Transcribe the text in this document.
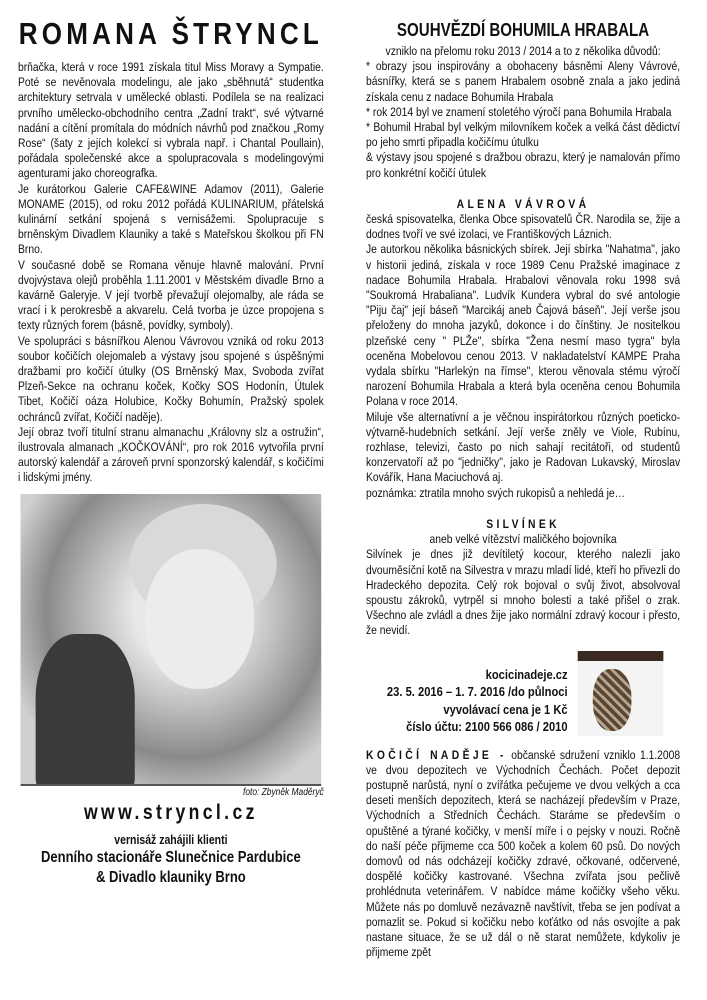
ROMANA ŠTRYNCL

brňačka, která v roce 1991 získala titul Miss Moravy a Sympatie. Poté se nevěnovala modelingu, ale jako „sběhnutá“ studentka architektury setrvala v umělecké oblasti. Podílela se na realizaci prvního umělecko-obchodního centra „Zadní trakt“, své výtvarné nadání a cítění promítala do módních návrhů pod značkou „Romy Rose“ (šaty z jejích kolekcí si vybrala např. i Chantal Poullain), pořádala společenské akce a spolupracovala s modelingovými agenturami jako choreografka.

Je kurátorkou Galerie CAFE&WINE Adamov (2011), Galerie MONAME (2015), od roku 2012 pořádá KULINARIUM, přátelská kulinární setkání spojená s vernisážemi. Spolupracuje s brněnským Divadlem Klauniky a také s Mateřskou školkou při FN Brno.

V současné době se Romana věnuje hlavně malování. První dvojvýstava olejů proběhla 1.11.2001 v Městském divadle Brno a kavárně Galeryje. V její tvorbě převažují olejomalby, ale ráda se vrací i k perokresbě a akvarelu. Celá tvorba je úzce propojena s texty různých forem (básně, povídky, symboly).

Ve spolupráci s básnířkou Alenou Vávrovou vzniká od roku 2013 soubor kočičích olejomaleb a výstavy jsou spojené s úspěšnými dražbami pro kočičí útulky (OS Brněnský Max, Svoboda zvířat Plzeň-Sekce na ochranu koček, Kočky SOS Hodonín, Útulek Tibet, Kočičí oáza Holubice, Kočky Bohumín, Pražský spolek ochránců zvířat, Kočičí naděje).

Její obraz tvoří titulní stranu almanachu „Královny slz a ostružin“, ilustrovala almanach „KOČKOVÁNÍ“, pro rok 2016 vytvořila první autorský kalendář a zároveň první sponzorský kalendář, s kočičími i lidskými jmény.

foto: Zbyněk Maděryč
www.stryncl.cz
vernisáž zahájili klienti
Denního stacionáře Slunečnice Pardubice
& Divadlo klauniky Brno
SOUHVĚZDÍ BOHUMILA HRABALA

vzniklo na přelomu roku 2013 / 2014 a to z několika důvodů:

* obrazy jsou inspirovány a obohaceny básněmi Aleny Vávrové, básnířky, která se s panem Hrabalem osobně znala a jako jediná získala cenu z nadace Bohumila Hrabala

* rok 2014 byl ve znamení stoletého výročí pana Bohumila Hrabala

* Bohumil Hrabal byl velkým milovníkem koček a velká část dědictví po jeho smrti připadla kočičímu útulku

& výstavy jsou spojené s dražbou obrazu, který je namalován přímo pro konkrétní kočičí útulek

ALENA VÁVROVÁ

česká spisovatelka, členka Obce spisovatelů ČR. Narodila se, žije a dodnes tvoří ve své izolaci, ve Františkových Láznich.

Je autorkou několika básnických sbírek. Její sbírka "Nahatma", jako v historii jediná, získala v roce 1989 Cenu Pražské imaginace z nadace Bohumila Hrabala. Hrabalovi věnovala roku 1998 svá "Soukromá Hrabaliana". Ludvík Kundera vybral do své antologie "Piju čaj" její báseň "Marcikáj aneb Čajová báseň". Její verše jsou přeloženy do mnoha jazyků, dokonce i do čínštiny. Je nositelkou plzeňské ceny " PLŽe", sbírka "Žena nesmí maso tygra" byla oceněna Mobelovou cenou 2013. V nakladatelství KAMPE Praha vydala sbírku "Harlekýn na římse", kterou věnovala stému výročí narození Bohumila Hrabala a která byla oceněna cenou Bohumila Polana v roce 2014.

Miluje vše alternativní a je věčnou inspirátorkou různých poeticko-výtvarně-hudebních setkání. Její verše zněly ve Viole, Rubínu, rozhlase, televizi, často po nich sahají recitátoři, od studentů konzervatoří až po "jedničky", jako je Radovan Lukavský, Miroslav Kovářík, Hana Maciuchová aj.

poznámka: ztratila mnoho svých rukopisů a nehledá je…

SILVÍNEK

aneb velké vítězství maličkého bojovníka

Silvínek je dnes již devítiletý kocour, kterého nalezli jako dvouměsíční kotě na Silvestra v mrazu mladí lidé, kteří ho přivezli do Hradeckého depozita. Celý rok bojoval o svůj život, absolvoval spoustu zákroků, vytrpěl si mnoho bolesti a také přišel o zrak. Všechno ale zvládl a dnes žije jako normální zdravý kocour i přesto, že nevidí.

kocicinadeje.cz
23. 5. 2016 – 1. 7. 2016 /do půlnoci
vyvolávací cena je 1 Kč
číslo účtu: 2100 566 086 / 2010

KOČIČÍ NADĚJE - občanské sdružení vzniklo 1.1.2008 ve dvou depozitech ve Východních Čechách. Počet depozit postupně narůstá, nyní o zvířátka pečujeme ve dvou velkých a cca deseti menších depozitech, která se nacházejí především v Praze, Východních a Středních Čechách. Staráme se především o opuštěné a týrané kočičky, v menší míře i o pejsky v nouzi. Ročně do naší péče přijmeme cca 500 koček a kolem 60 psů. Do nových domovů od nás odcházejí kočičky zdravé, očkované, odčervené, dospělé kočičky kastrované. Všechna zvířata jsou pečlivě prohlédnuta veterinářem. V nabídce máme kočičky všeho věku. Můžete nás po domluvě nezávazně navštívit, třeba se jen podívat a pomazlit se. Pokud si kočičku nebo koťátko od nás osvojíte a pak nastane situace, že se už dál o ně starat nemůžete, kdykoliv je přijmeme zpět
